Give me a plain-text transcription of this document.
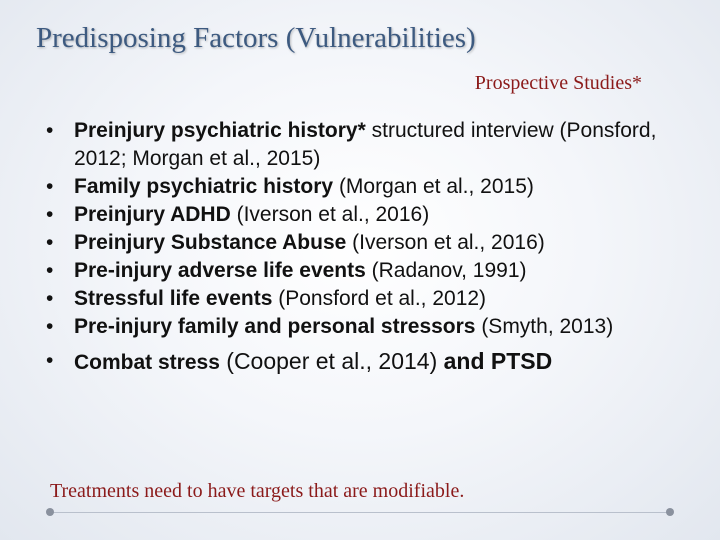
Predisposing Factors (Vulnerabilities)
Prospective Studies*
• Preinjury psychiatric history* structured interview (Ponsford, 2012; Morgan et al., 2015)
• Family psychiatric history (Morgan et al., 2015)
• Preinjury ADHD (Iverson et al., 2016)
• Preinjury Substance Abuse (Iverson et al., 2016)
• Pre-injury adverse life events (Radanov, 1991)
• Stressful life events (Ponsford et al., 2012)
• Pre-injury family and personal stressors (Smyth, 2013)
• Combat stress (Cooper et al., 2014) and PTSD
Treatments need to have targets that are modifiable.
